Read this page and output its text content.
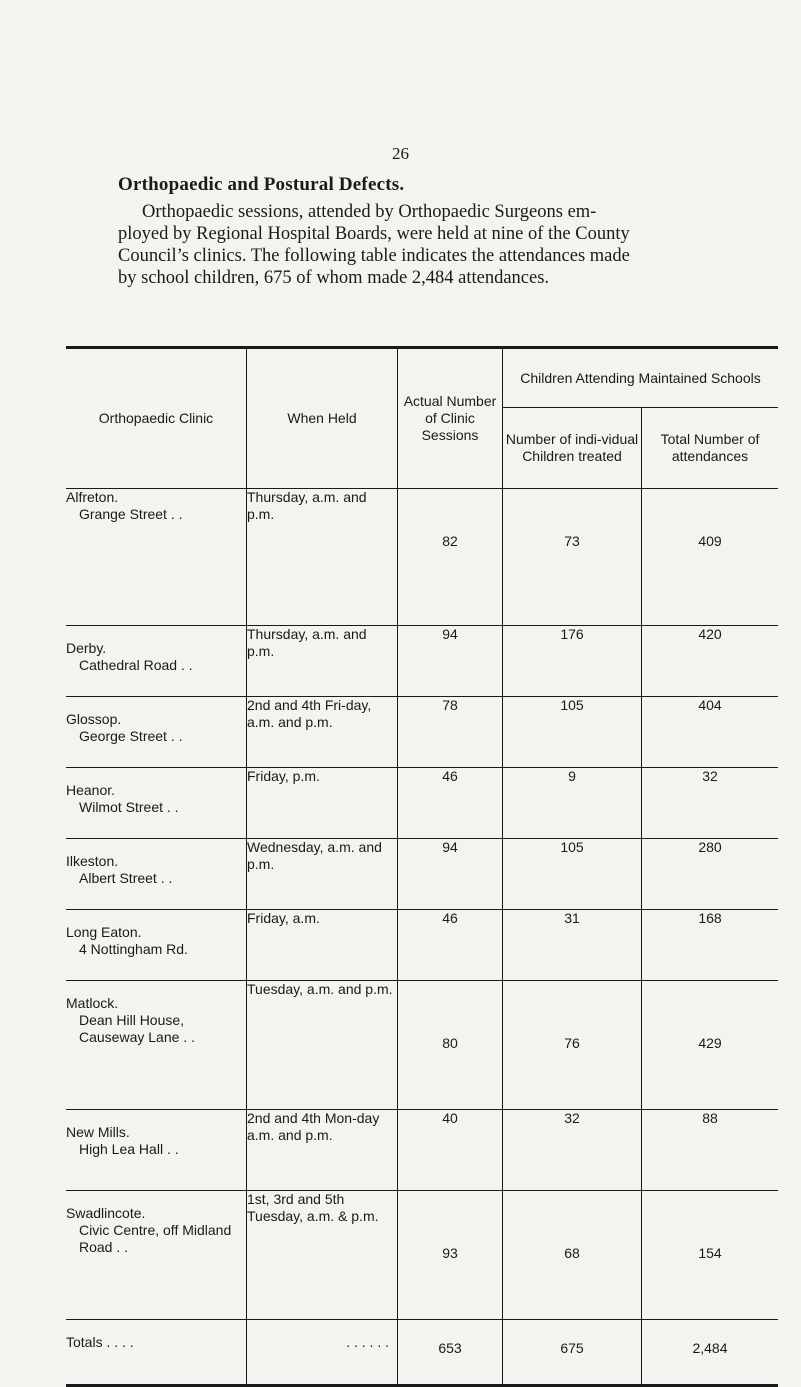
26
Orthopaedic and Postural Defects.
Orthopaedic sessions, attended by Orthopaedic Surgeons em-
ployed by Regional Hospital Boards, were held at nine of the County
Council’s clinics. The following table indicates the attendances made
by school children, 675 of whom made 2,484 attendances.
Orthopaedic Clinic	When Held	Actual Number of Clinic Sessions	Children Attending Maintained Schools	
			Number of indi-vidual Children treated	Total Number of attendances

Alfreton.
Grange Street . .	Thursday, a.m. and p.m.	82	73	409

Derby.
Cathedral Road . .	Thursday, a.m. and p.m.	94	176	420

Glossop.
George Street . .	2nd and 4th Fri-day, a.m. and p.m.	78	105	404

Heanor.
Wilmot Street . .	Friday, p.m.	46	9	32

Ilkeston.
Albert Street . .	Wednesday, a.m. and p.m.	94	105	280

Long Eaton.
4 Nottingham Rd.	Friday, a.m.	46	31	168

Matlock.
Dean Hill House, Causeway Lane . .	Tuesday, a.m. and p.m.	80	76	429

New Mills.
High Lea Hall . .	2nd and 4th Mon-day a.m. and p.m.	40	32	88

Swadlincote.
Civic Centre, off Midland Road . .	1st, 3rd and 5th Tuesday, a.m. & p.m.	93	68	154
Totals . . . .	. . . . . .	653	675	2,484
